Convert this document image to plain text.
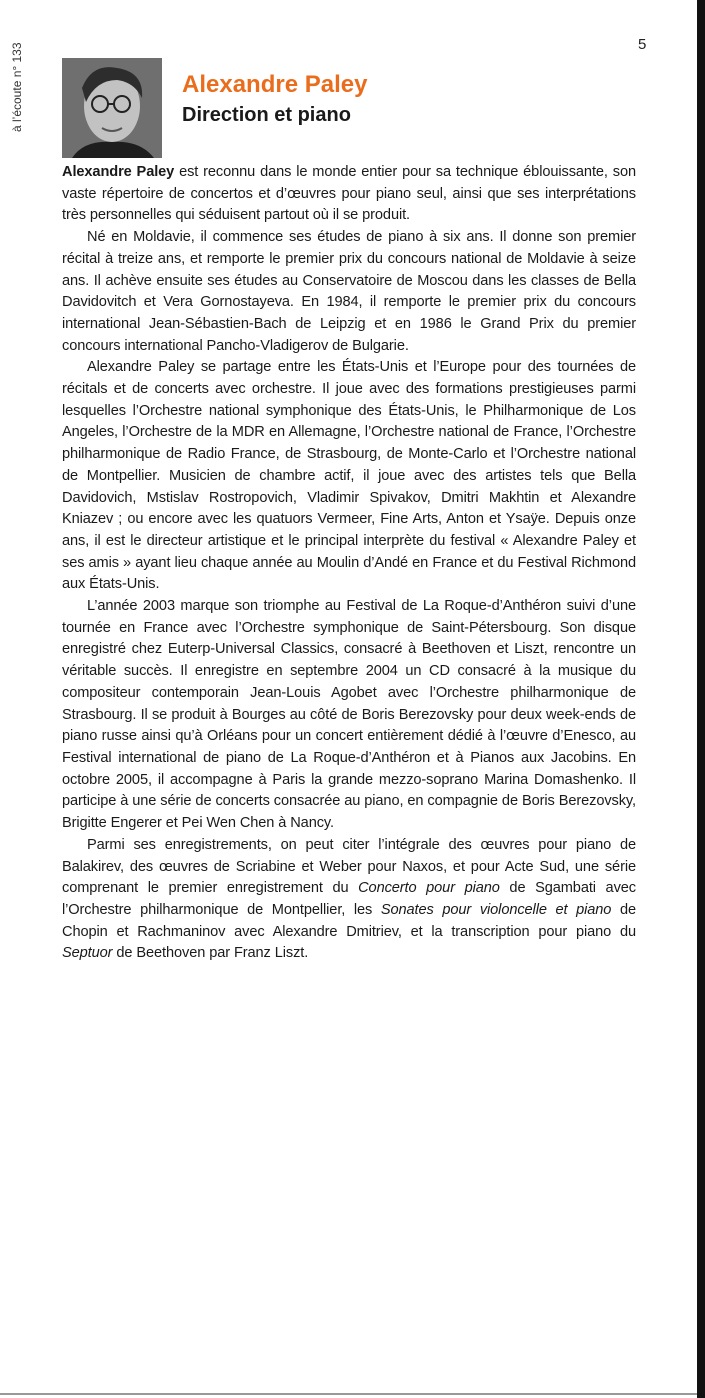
à l’écoute n° 133	5
Alexandre Paley
Direction et piano

Alexandre Paley est reconnu dans le monde entier pour sa technique éblouissante, son vaste répertoire de concertos et d’œuvres pour piano seul, ainsi que ses interprétations très personnelles qui séduisent partout où il se produit.

Né en Moldavie, il commence ses études de piano à six ans. Il donne son premier récital à treize ans, et remporte le premier prix du concours national de Moldavie à seize ans. Il achève ensuite ses études au Conservatoire de Moscou dans les classes de Bella Davidovitch et Vera Gornostayeva. En 1984, il remporte le premier prix du concours international Jean-Sébastien-Bach de Leipzig et en 1986 le Grand Prix du premier concours international Pancho-Vladigerov de Bulgarie.

Alexandre Paley se partage entre les États-Unis et l’Europe pour des tournées de récitals et de concerts avec orchestre. Il joue avec des formations prestigieuses parmi lesquelles l’Orchestre national symphonique des États-Unis, le Philharmonique de Los Angeles, l’Orchestre de la MDR en Allemagne, l’Orchestre national de France, l’Orchestre philharmonique de Radio France, de Strasbourg, de Monte-Carlo et l’Orchestre national de Montpellier. Musicien de chambre actif, il joue avec des artistes tels que Bella Davidovich, Mstislav Rostropovich, Vladimir Spivakov, Dmitri Makhtin et Alexandre Kniazev ; ou encore avec les quatuors Vermeer, Fine Arts, Anton et Ysaÿe. Depuis onze ans, il est le directeur artistique et le principal interprète du festival « Alexandre Paley et ses amis » ayant lieu chaque année au Moulin d’Andé en France et du Festival Richmond aux États-Unis.

L’année 2003 marque son triomphe au Festival de La Roque-d’Anthéron suivi d’une tournée en France avec l’Orchestre symphonique de Saint-Pétersbourg. Son disque enregistré chez Euterp-Universal Classics, consacré à Beethoven et Liszt, rencontre un véritable succès. Il enregistre en septembre 2004 un CD consacré à la musique du compositeur contemporain Jean-Louis Agobet avec l’Orchestre philharmonique de Strasbourg. Il se produit à Bourges au côté de Boris Berezovsky pour deux week-ends de piano russe ainsi qu’à Orléans pour un concert entièrement dédié à l’œuvre d’Enesco, au Festival international de piano de La Roque-d’Anthéron et à Pianos aux Jacobins. En octobre 2005, il accompagne à Paris la grande mezzo-soprano Marina Domashenko. Il participe à une série de concerts consacrée au piano, en compagnie de Boris Berezovsky, Brigitte Engerer et Pei Wen Chen à Nancy.

Parmi ses enregistrements, on peut citer l’intégrale des œuvres pour piano de Balakirev, des œuvres de Scriabine et Weber pour Naxos, et pour Acte Sud, une série comprenant le premier enregistrement du Concerto pour piano de Sgambati avec l’Orchestre philharmonique de Montpellier, les Sonates pour violoncelle et piano de Chopin et Rachmaninov avec Alexandre Dmitriev, et la transcription pour piano du Septuor de Beethoven par Franz Liszt.
